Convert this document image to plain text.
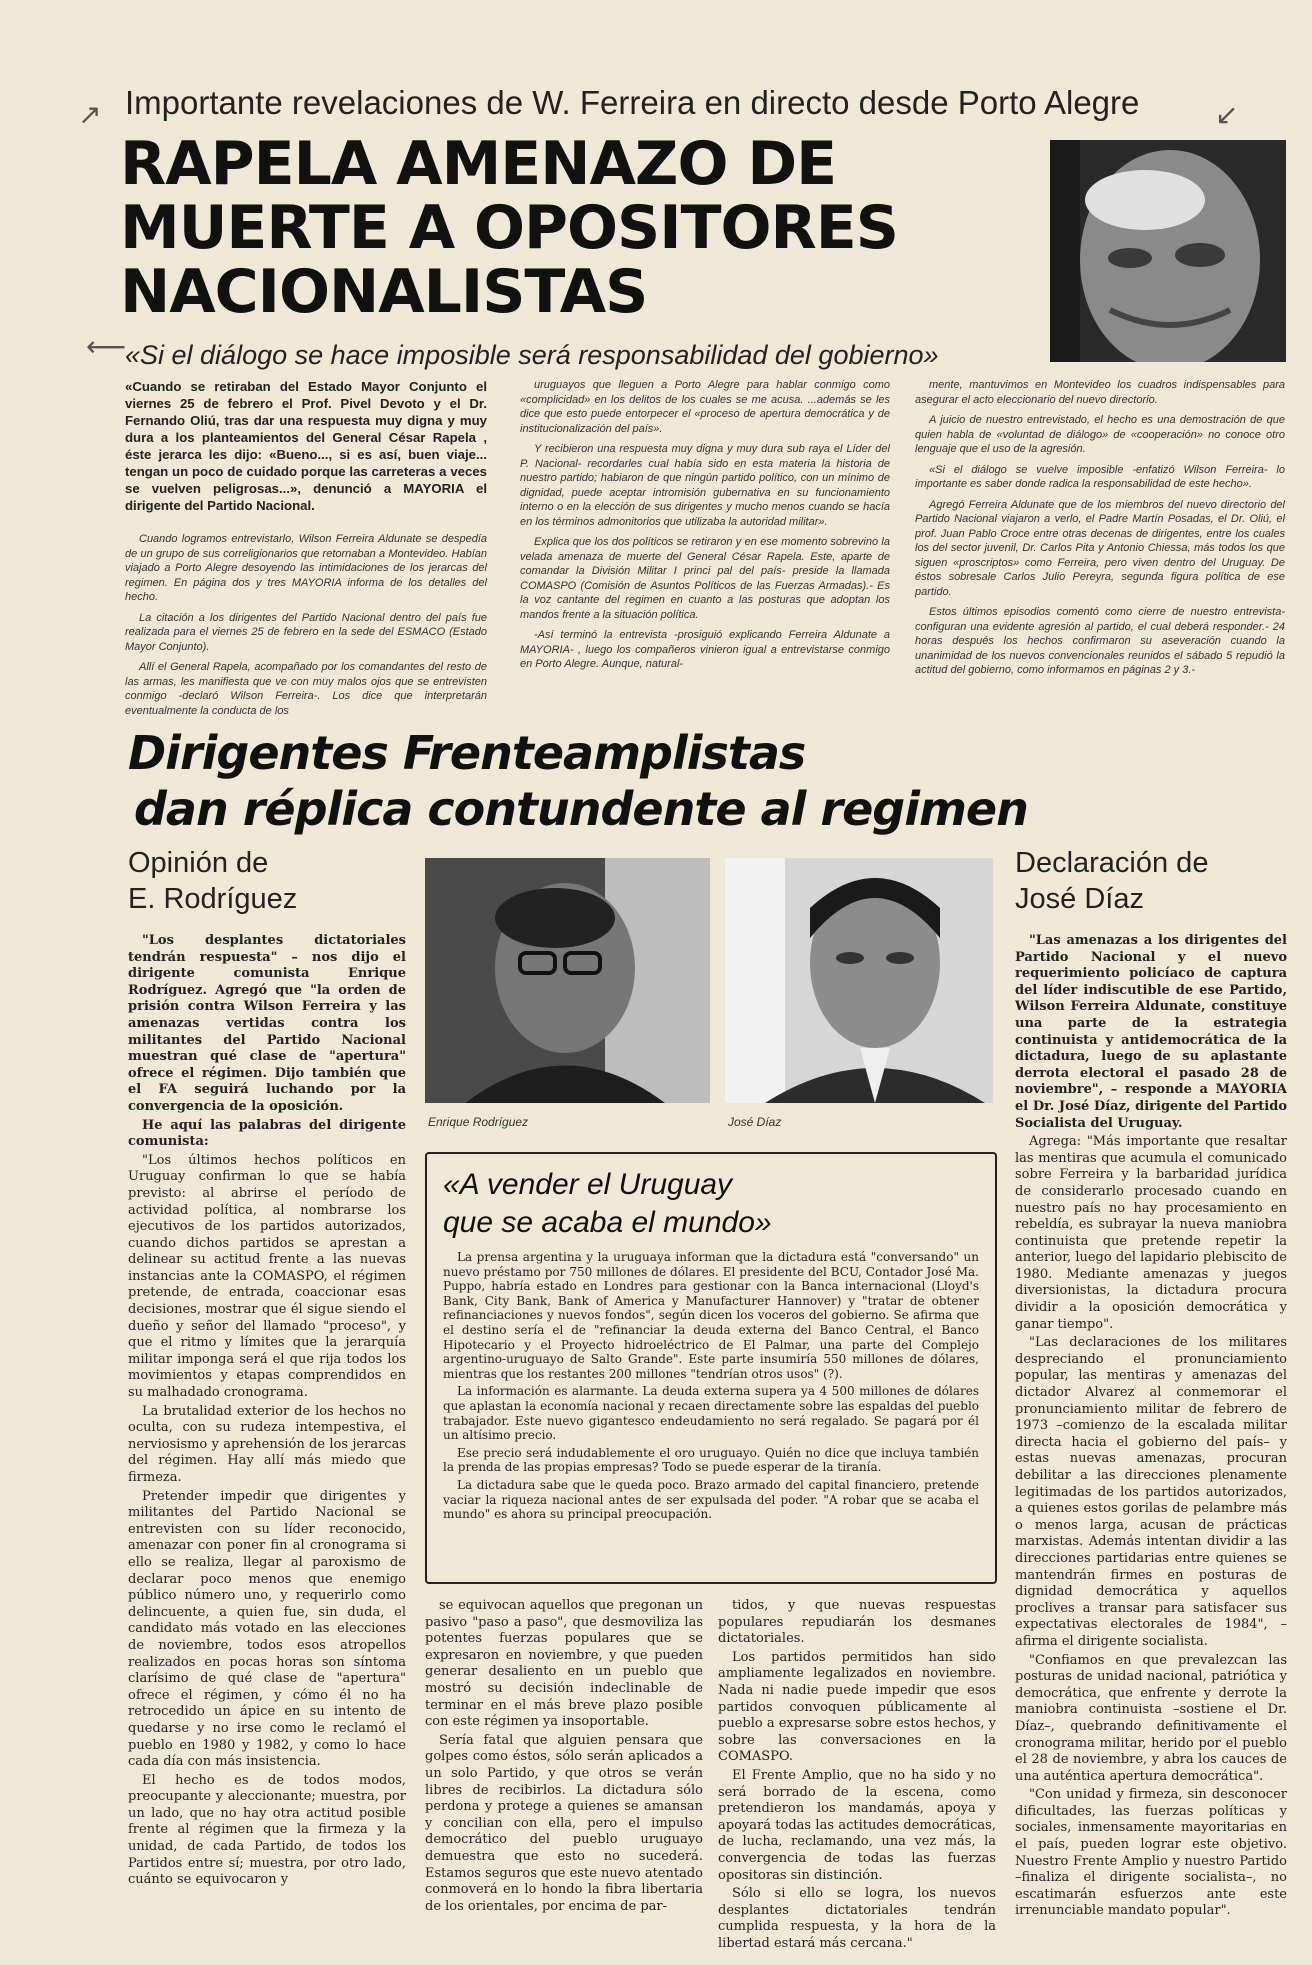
↗	↙
⟵
Importante revelaciones de W. Ferreira en directo desde Porto Alegre
RAPELA AMENAZO DE
MUERTE A OPOSITORES
NACIONALISTAS
«Si el diálogo se hace imposible será responsabilidad del gobierno»
«Cuando se retiraban del Estado Mayor Conjunto el viernes 25 de febrero el Prof. Pivel Devoto y el Dr. Fernando Oliú, tras dar una respuesta muy digna y muy dura a los planteamientos del General César Rapela , éste jerarca les dijo: «Bueno..., si es así, buen viaje... tengan un poco de cuidado porque las carreteras a veces se vuelven peligrosas...», denunció a MAYORIA el dirigente del Partido Nacional.

Cuando logramos entrevistarlo, Wilson Ferreira Aldunate se despedía de un grupo de sus correligionarios que retornaban a Montevideo. Habían viajado a Porto Alegre desoyendo las intimidaciones de los jerarcas del regimen. En página dos y tres MAYORIA informa de los detalles del hecho.

La citación a los dirigentes del Partido Nacional dentro del país fue realizada para el viernes 25 de febrero en la sede del ESMACO (Estado Mayor Conjunto).

Allí el General Rapela, acompañado por los comandantes del resto de las armas, les manifiesta que ve con muy malos ojos que se entrevisten conmigo -declaró Wilson Ferreira-. Los dice que interpretarán eventualmente la conducta de los

uruguayos que lleguen a Porto Alegre para hablar conmigo como «complicidad» en los delitos de los cuales se me acusa. ...además se les dice que esto puede entorpecer el «proceso de apertura democrática y de institucionalización del país».

Y recibieron una respuesta muy digna y muy dura sub raya el Líder del P. Nacional- recordarles cual había sido en esta materia la historia de nuestro partido; habiaron de que ningún partido político, con un mínimo de dignidad, puede aceptar intromisión gubernativa en su funcionamiento interno o en la elección de sus dirigentes y mucho menos cuando se hacía en los términos admonitorios que utilizaba la autoridad militar».

Explica que los dos políticos se retiraron y en ese momento sobrevino la velada amenaza de muerte del General César Rapela. Este, aparte de comandar la División Militar I princi pal del país- preside la llamada COMASPO (Comisión de Asuntos Políticos de las Fuerzas Armadas).- Es la voz cantante del regimen en cuanto a las posturas que adoptan los mandos frente a la situación política.

-Así terminó la entrevista -prosiguió explicando Ferreira Aldunate a MAYORIA- , luego los compañeros vinieron igual a entrevistarse conmigo en Porto Alegre. Aunque, natural-

mente, mantuvimos en Montevideo los cuadros indispensables para asegurar el acto eleccionario del nuevo directorio.

A juicio de nuestro entrevistado, el hecho es una demostración de que quien habla de «voluntad de diálogo» de «cooperación» no conoce otro lenguaje que el uso de la agresión.

«Si el diálogo se vuelve imposible -enfatizó Wilson Ferreira- lo importante es saber donde radica la responsabilidad de este hecho».

Agregó Ferreira Aldunate que de los miembros del nuevo directorio del Partido Nacional viajaron a verlo, el Padre Martín Posadas, el Dr. Oliú, el prof. Juan Pablo Croce entre otras decenas de dirigentes, entre los cuales los del sector juvenil, Dr. Carlos Pita y Antonio Chiessa, más todos los que siguen «proscriptos» como Ferreira, pero viven dentro del Uruguay. De éstos sobresale Carlos Julio Pereyra, segunda figura política de ese partido.

Estos últimos episodios comentó como cierre de nuestro entrevista- configuran una evidente agresión al partido, el cual deberá responder.- 24 horas después los hechos confirmaron su aseveración cuando la unanimidad de los nuevos convencionales reunidos el sábado 5 repudió la actitud del gobierno, como informamos en páginas 2 y 3.-

Dirigentes Frenteamplistas
dan réplica contundente al regimen
Opinión de
E. Rodríguez
Declaración de
José Díaz
Enrique Rodríguez	José Díaz

"Los desplantes dictatoriales tendrán respuesta" – nos dijo el dirigente comunista Enrique Rodríguez. Agregó que "la orden de prisión contra Wilson Ferreira y las amenazas vertidas contra los militantes del Partido Nacional muestran qué clase de "apertura" ofrece el régimen. Dijo también que el FA seguirá luchando por la convergencia de la oposición.

He aquí las palabras del dirigente comunista:

"Los últimos hechos políticos en Uruguay confirman lo que se había previsto: al abrirse el período de actividad política, al nombrarse los ejecutivos de los partidos autorizados, cuando dichos partidos se aprestan a delinear su actitud frente a las nuevas instancias ante la COMASPO, el régimen pretende, de entrada, coaccionar esas decisiones, mostrar que él sigue siendo el dueño y señor del llamado "proceso", y que el ritmo y límites que la jerarquía militar imponga será el que rija todos los movimientos y etapas comprendidos en su malhadado cronograma.

La brutalidad exterior de los hechos no oculta, con su rudeza intempestiva, el nerviosismo y aprehensión de los jerarcas del régimen. Hay allí más miedo que firmeza.

Pretender impedir que dirigentes y militantes del Partido Nacional se entrevisten con su líder reconocido, amenazar con poner fin al cronograma si ello se realiza, llegar al paroxismo de declarar poco menos que enemigo público número uno, y requerirlo como delincuente, a quien fue, sin duda, el candidato más votado en las elecciones de noviembre, todos esos atropellos realizados en pocas horas son síntoma clarísimo de qué clase de "apertura" ofrece el régimen, y cómo él no ha retrocedido un ápice en su intento de quedarse y no irse como le reclamó el pueblo en 1980 y 1982, y como lo hace cada día con más insistencia.

El hecho es de todos modos, preocupante y aleccionante; muestra, por un lado, que no hay otra actitud posible frente al régimen que la firmeza y la unidad, de cada Partido, de todos los Partidos entre sí; muestra, por otro lado, cuánto se equivocaron y

«A vender el Uruguay
que se acaba el mundo»

La prensa argentina y la uruguaya informan que la dictadura está "conversando" un nuevo préstamo por 750 millones de dólares. El presidente del BCU, Contador José Ma. Puppo, habría estado en Londres para gestionar con la Banca internacional (Lloyd's Bank, City Bank, Bank of America y Manufacturer Hannover) y "tratar de obtener refinanciaciones y nuevos fondos", según dicen los voceros del gobierno. Se afirma que el destino sería el de "refinanciar la deuda externa del Banco Central, el Banco Hipotecario y el Proyecto hidroeléctrico de El Palmar, una parte del Complejo argentino-uruguayo de Salto Grande". Este parte insumiría 550 millones de dólares, mientras que los restantes 200 millones "tendrían otros usos" (?).

La información es alarmante. La deuda externa supera ya 4 500 millones de dólares que aplastan la economía nacional y recaen directamente sobre las espaldas del pueblo trabajador. Este nuevo gigantesco endeudamiento no será regalado. Se pagará por él un altísimo precio.

Ese precio será indudablemente el oro uruguayo. Quién no dice que incluya también la prenda de las propias empresas? Todo se puede esperar de la tiranía.

La dictadura sabe que le queda poco. Brazo armado del capital financiero, pretende vaciar la riqueza nacional antes de ser expulsada del poder. "A robar que se acaba el mundo" es ahora su principal preocupación.

se equivocan aquellos que pregonan un pasivo "paso a paso", que desmoviliza las potentes fuerzas populares que se expresaron en noviembre, y que pueden generar desaliento en un pueblo que mostró su decisión indeclinable de terminar en el más breve plazo posible con este régimen ya insoportable.

Sería fatal que alguien pensara que golpes como éstos, sólo serán aplicados a un solo Partido, y que otros se verán libres de recibirlos. La dictadura sólo perdona y protege a quienes se amansan y concilian con ella, pero el impulso democrático del pueblo uruguayo demuestra que esto no sucederá. Estamos seguros que este nuevo atentado conmoverá en lo hondo la fibra libertaria de los orientales, por encima de par-

tidos, y que nuevas respuestas populares repudiarán los desmanes dictatoriales.

Los partidos permitidos han sido ampliamente legalizados en noviembre. Nada ni nadie puede impedir que esos partidos convoquen públicamente al pueblo a expresarse sobre estos hechos, y sobre las conversaciones en la COMASPO.

El Frente Amplio, que no ha sido y no será borrado de la escena, como pretendieron los mandamás, apoya y apoyará todas las actitudes democráticas, de lucha, reclamando, una vez más, la convergencia de todas las fuerzas opositoras sin distinción.

Sólo si ello se logra, los nuevos desplantes dictatoriales tendrán cumplida respuesta, y la hora de la libertad estará más cercana."

"Las amenazas a los dirigentes del Partido Nacional y el nuevo requerimiento policíaco de captura del líder indiscutible de ese Partido, Wilson Ferreira Aldunate, constituye una parte de la estrategia continuista y antidemocrática de la dictadura, luego de su aplastante derrota electoral el pasado 28 de noviembre", – responde a MAYORIA el Dr. José Díaz, dirigente del Partido Socialista del Uruguay.

Agrega: "Más importante que resaltar las mentiras que acumula el comunicado sobre Ferreira y la barbaridad jurídica de considerarlo procesado cuando en nuestro país no hay procesamiento en rebeldía, es subrayar la nueva maniobra continuista que pretende repetir la anterior, luego del lapidario plebiscito de 1980. Mediante amenazas y juegos diversionistas, la dictadura procura dividir a la oposición democrática y ganar tiempo".

"Las declaraciones de los militares despreciando el pronunciamiento popular, las mentiras y amenazas del dictador Alvarez al conmemorar el pronunciamiento militar de febrero de 1973 –comienzo de la escalada militar directa hacia el gobierno del país– y estas nuevas amenazas, procuran debilitar a las direcciones plenamente legitimadas de los partidos autorizados, a quienes estos gorilas de pelambre más o menos larga, acusan de prácticas marxistas. Además intentan dividir a las direcciones partidarias entre quienes se mantendrán firmes en posturas de dignidad democrática y aquellos proclives a transar para satisfacer sus expectativas electorales de 1984", – afirma el dirigente socialista.

"Confiamos en que prevalezcan las posturas de unidad nacional, patriótica y democrática, que enfrente y derrote la maniobra continuista –sostiene el Dr. Díaz–, quebrando definitivamente el cronograma militar, herido por el pueblo el 28 de noviembre, y abra los cauces de una auténtica apertura democrática".

"Con unidad y firmeza, sin desconocer dificultades, las fuerzas políticas y sociales, inmensamente mayoritarias en el país, pueden lograr este objetivo. Nuestro Frente Amplio y nuestro Partido –finaliza el dirigente socialista–, no escatimarán esfuerzos ante este irrenunciable mandato popular".
